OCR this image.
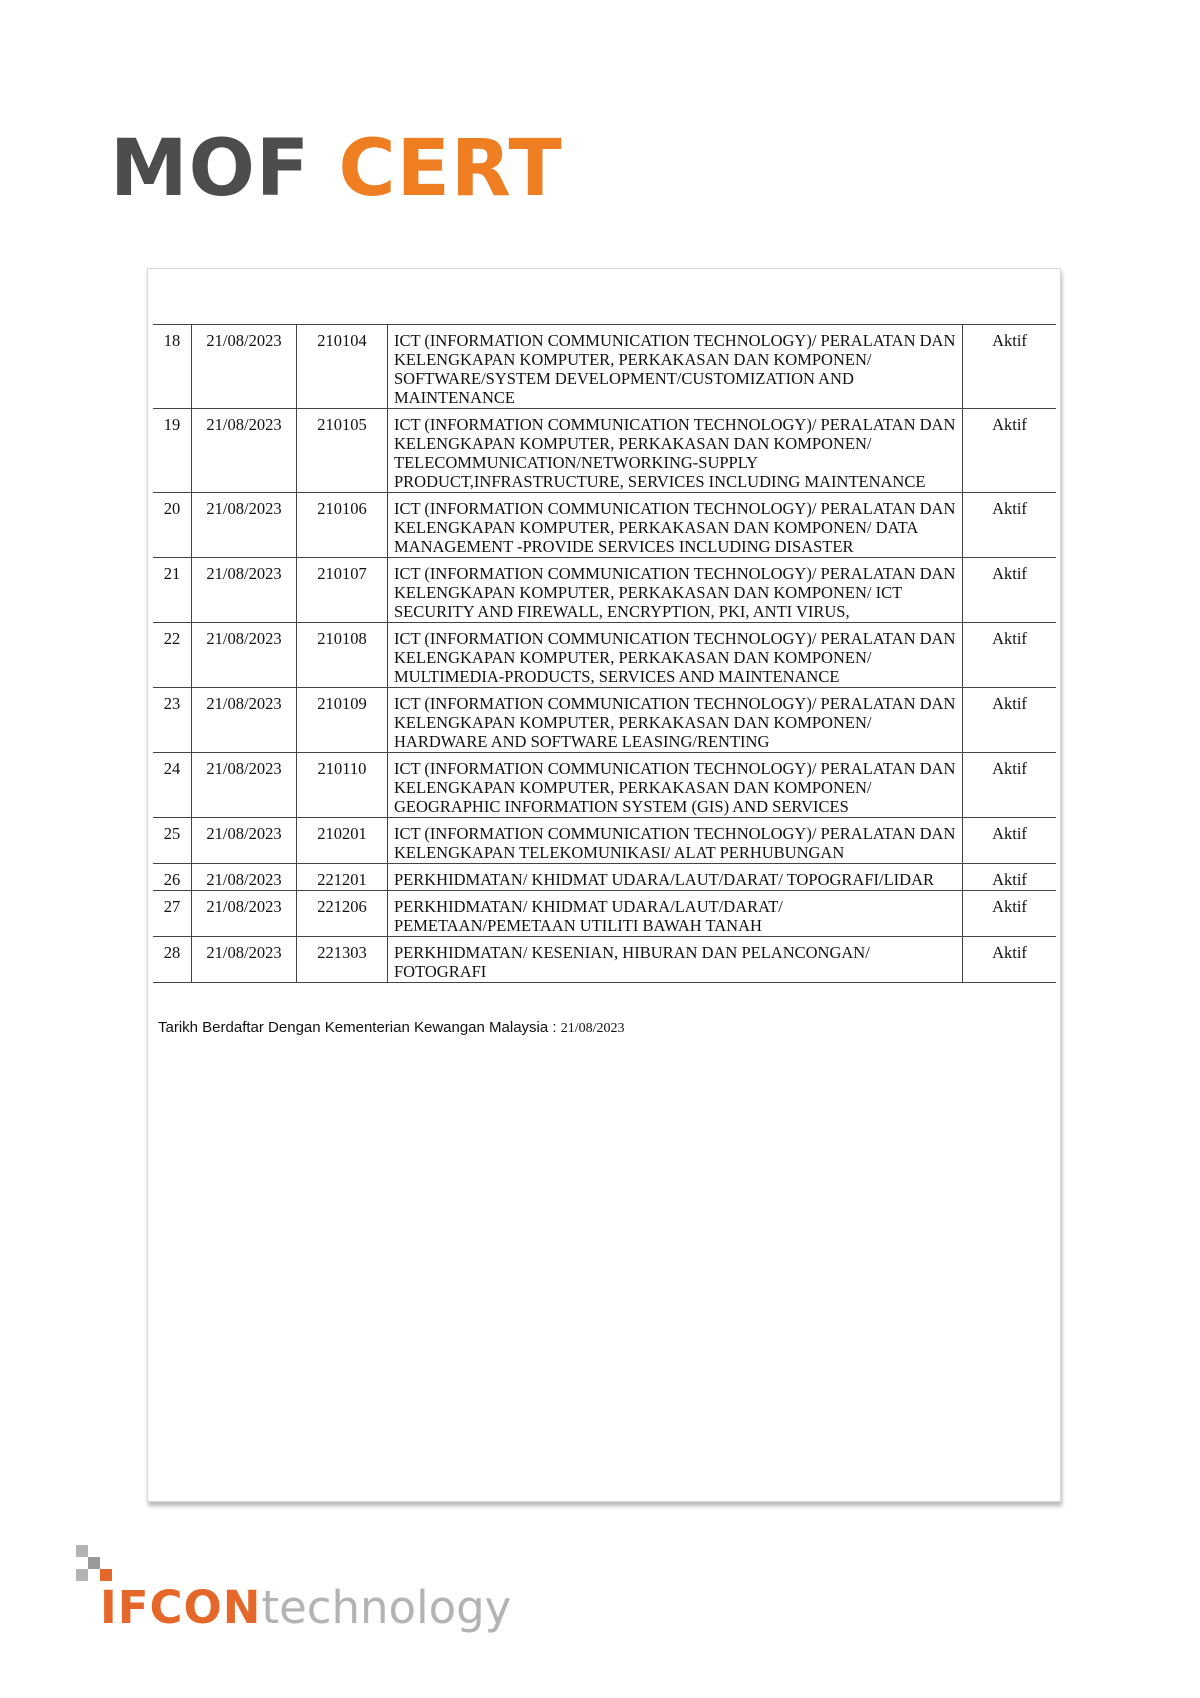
MOF CERT
18	21/08/2023	210104	ICT (INFORMATION COMMUNICATION TECHNOLOGY)/ PERALATAN DAN KELENGKAPAN KOMPUTER, PERKAKASAN DAN KOMPONEN/ SOFTWARE/SYSTEM DEVELOPMENT/CUSTOMIZATION AND MAINTENANCE	Aktif
19	21/08/2023	210105	ICT (INFORMATION COMMUNICATION TECHNOLOGY)/ PERALATAN DAN KELENGKAPAN KOMPUTER, PERKAKASAN DAN KOMPONEN/ TELECOMMUNICATION/NETWORKING-SUPPLY PRODUCT,INFRASTRUCTURE, SERVICES INCLUDING MAINTENANCE	Aktif
20	21/08/2023	210106	ICT (INFORMATION COMMUNICATION TECHNOLOGY)/ PERALATAN DAN KELENGKAPAN KOMPUTER, PERKAKASAN DAN KOMPONEN/ DATA MANAGEMENT -PROVIDE SERVICES INCLUDING DISASTER	Aktif
21	21/08/2023	210107	ICT (INFORMATION COMMUNICATION TECHNOLOGY)/ PERALATAN DAN KELENGKAPAN KOMPUTER, PERKAKASAN DAN KOMPONEN/ ICT SECURITY AND FIREWALL, ENCRYPTION, PKI, ANTI VIRUS,	Aktif
22	21/08/2023	210108	ICT (INFORMATION COMMUNICATION TECHNOLOGY)/ PERALATAN DAN KELENGKAPAN KOMPUTER, PERKAKASAN DAN KOMPONEN/ MULTIMEDIA-PRODUCTS, SERVICES AND MAINTENANCE	Aktif
23	21/08/2023	210109	ICT (INFORMATION COMMUNICATION TECHNOLOGY)/ PERALATAN DAN KELENGKAPAN KOMPUTER, PERKAKASAN DAN KOMPONEN/ HARDWARE AND SOFTWARE LEASING/RENTING	Aktif
24	21/08/2023	210110	ICT (INFORMATION COMMUNICATION TECHNOLOGY)/ PERALATAN DAN KELENGKAPAN KOMPUTER, PERKAKASAN DAN KOMPONEN/ GEOGRAPHIC INFORMATION SYSTEM (GIS) AND SERVICES	Aktif
25	21/08/2023	210201	ICT (INFORMATION COMMUNICATION TECHNOLOGY)/ PERALATAN DAN KELENGKAPAN TELEKOMUNIKASI/ ALAT PERHUBUNGAN	Aktif
26	21/08/2023	221201	PERKHIDMATAN/ KHIDMAT UDARA/LAUT/DARAT/ TOPOGRAFI/LIDAR	Aktif
27	21/08/2023	221206	PERKHIDMATAN/ KHIDMAT UDARA/LAUT/DARAT/ PEMETAAN/PEMETAAN UTILITI BAWAH TANAH	Aktif
28	21/08/2023	221303	PERKHIDMATAN/ KESENIAN, HIBURAN DAN PELANCONGAN/ FOTOGRAFI	Aktif
Tarikh Berdaftar Dengan Kementerian Kewangan Malaysia : 21/08/2023
IFCONtechnology
